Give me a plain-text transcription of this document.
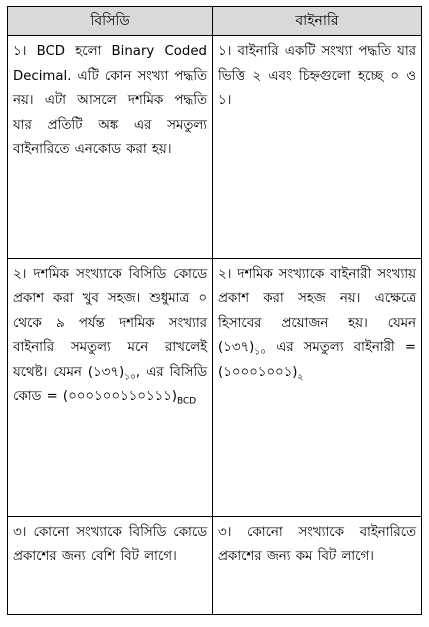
বিসিডি	বাইনারি

১। BCD হলো Binary Coded Decimal. এটি কোন সংখ্যা পদ্ধতি নয়। এটা আসলে দশমিক পদ্ধতি যার প্রতিটি অঙ্ক এর সমতুল্য বাইনারিতে এনকোড করা হয়।	১। বাইনারি একটি সংখ্যা পদ্ধতি যার ভিত্তি ২ এবং চিহ্নগুলো হচ্ছে ০ ও ১।

২। দশমিক সংখ্যাকে বিসিডি কোডে প্রকাশ করা খুব সহজ। শুধুমাত্র ০ থেকে ৯ পর্যন্ত দশমিক সংখ্যার বাইনারি সমতুল্য মনে রাখলেই যথেষ্ট। যেমন $(১৩৭)_{১০}$, এর বিসিডি কোড = $(০০০১০০১১০১১১)_{BCD}$	২। দশমিক সংখ্যাকে বাইনারী সংখ্যায় প্রকাশ করা সহজ নয়। এক্ষেত্রে হিসাবের প্রয়োজন হয়। যেমন $(১৩৭)_{১০}$ এর সমতুল্য বাইনারী = $(১০০০১০০১)_২$

৩। কোনো সংখ্যাকে বিসিডি কোডে প্রকাশের জন্য বেশি বিট লাগে।	৩। কোনো সংখ্যাকে বাইনারিতে প্রকাশের জন্য কম বিট লাগে।
